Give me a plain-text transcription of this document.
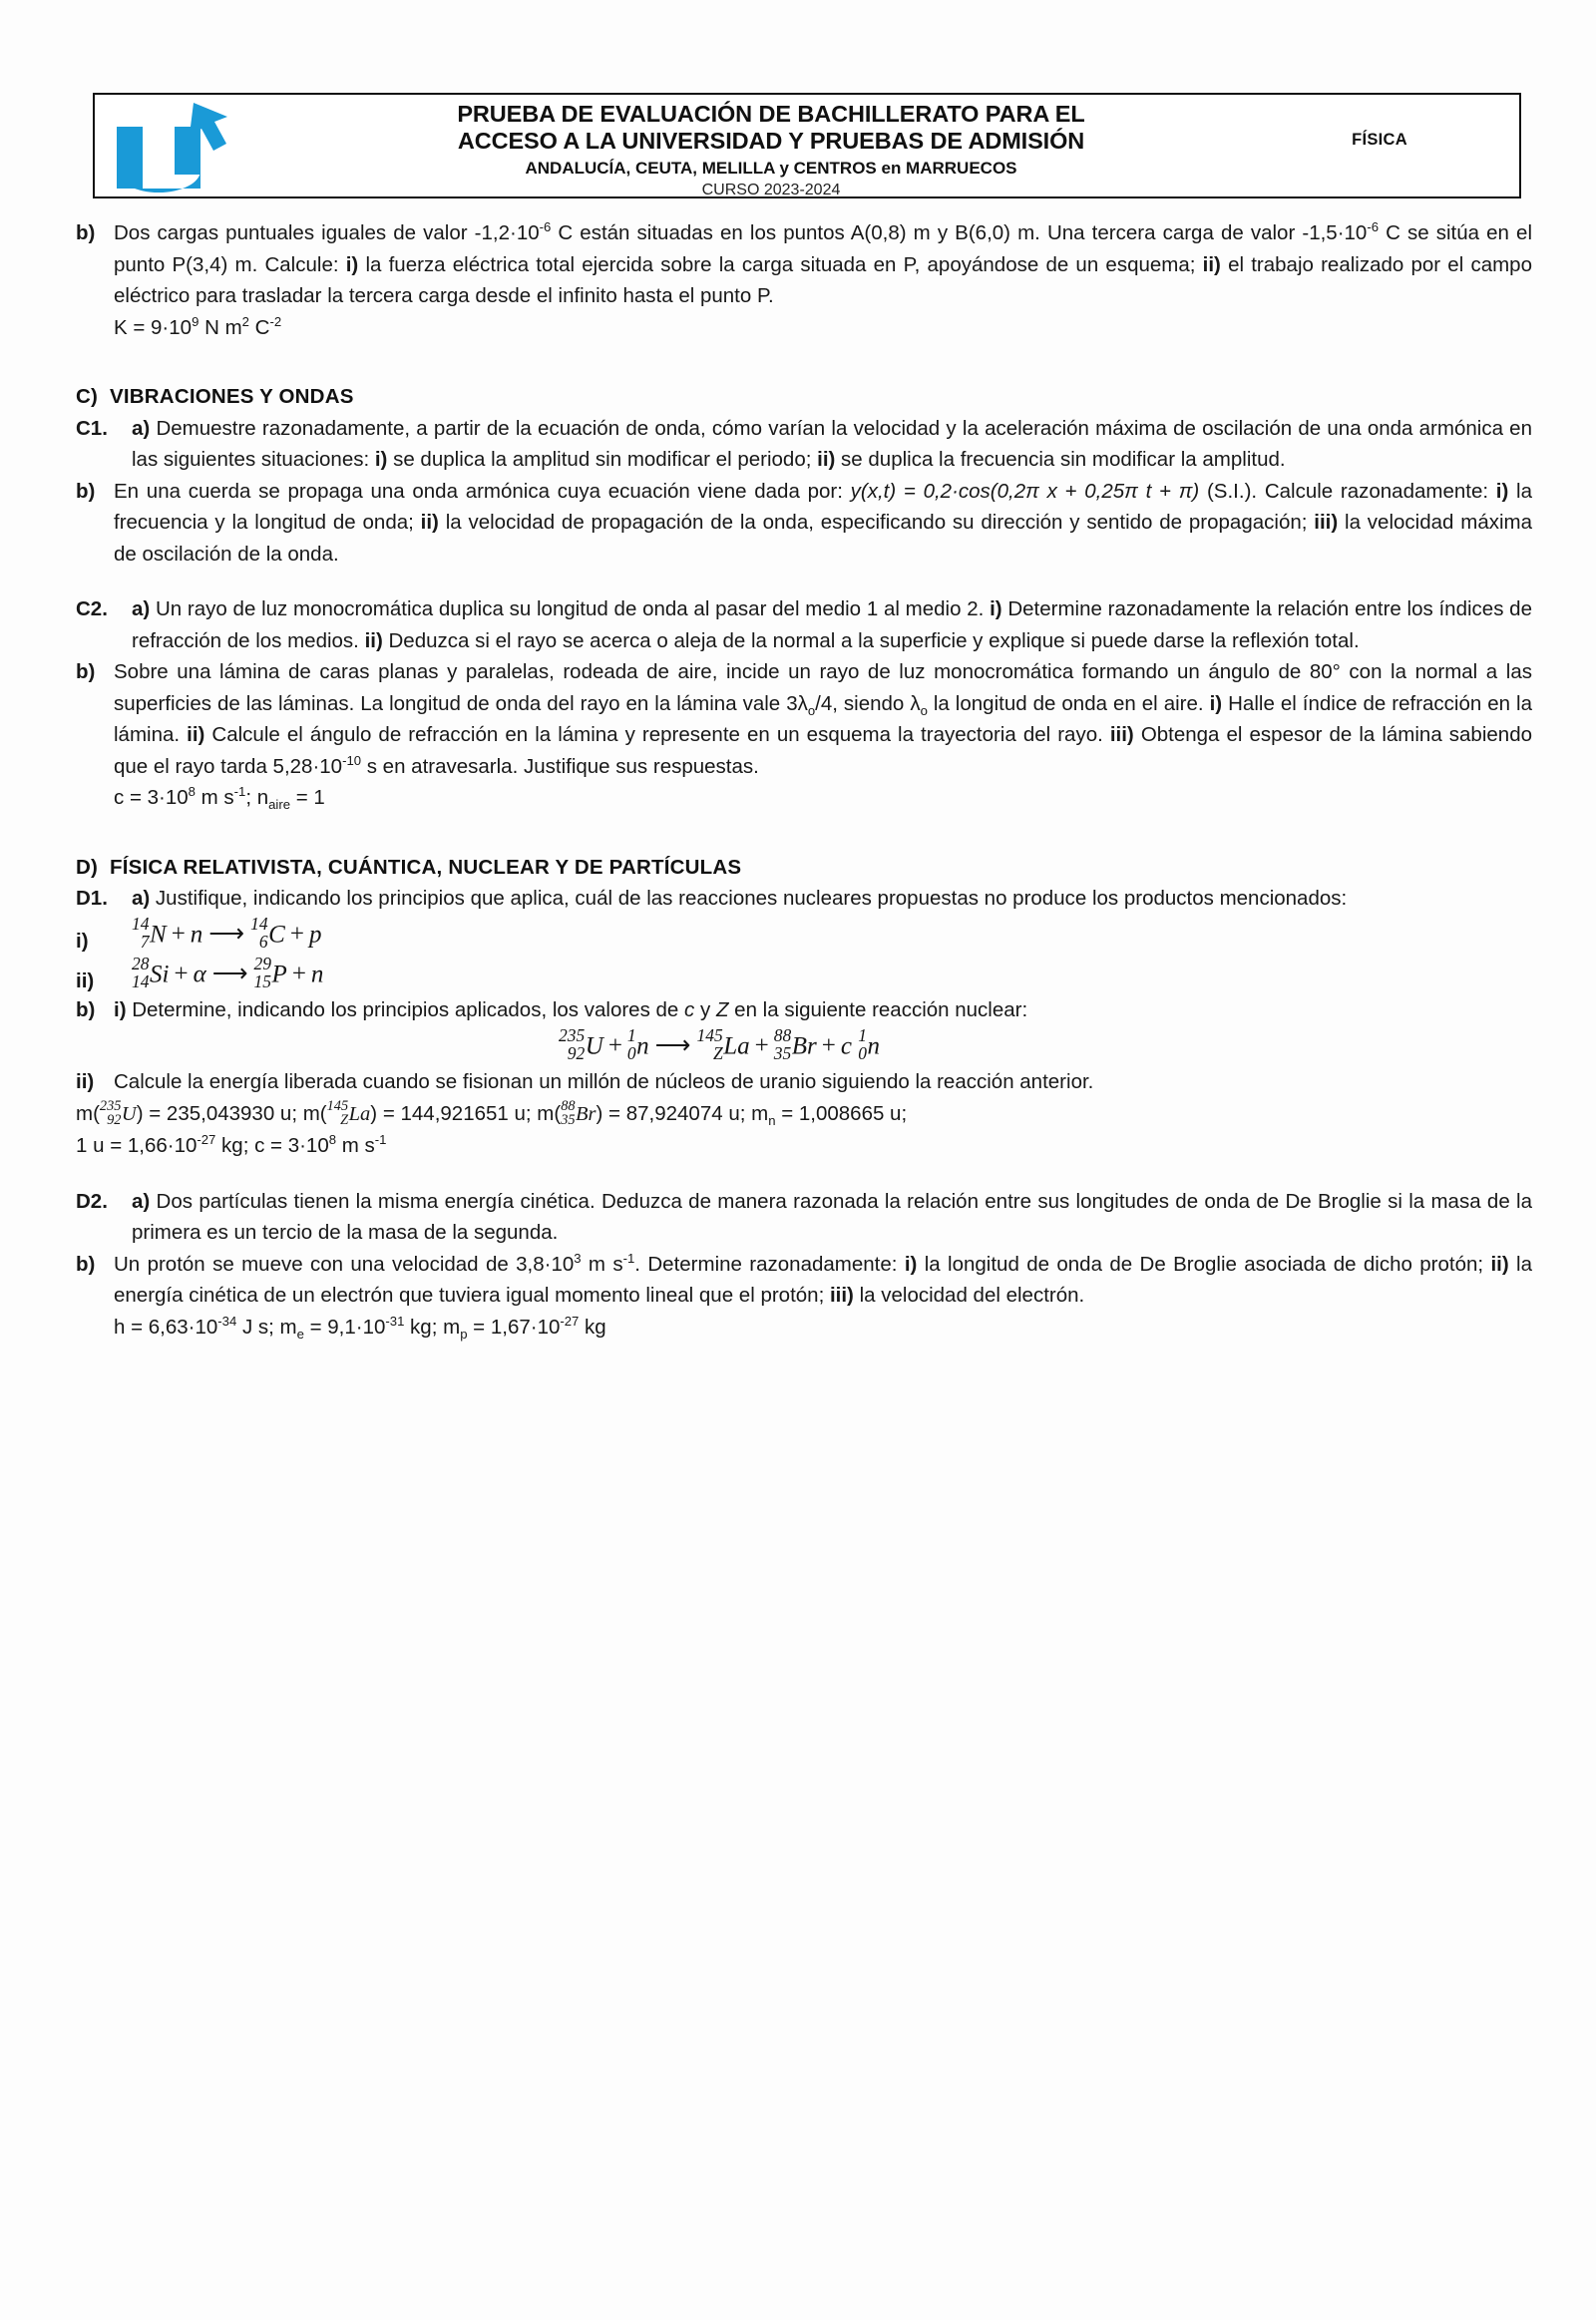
PRUEBA DE EVALUACIÓN DE BACHILLERATO PARA EL
ACCESO A LA UNIVERSIDAD Y PRUEBAS DE ADMISIÓN
ANDALUCÍA, CEUTA, MELILLA y CENTROS en MARRUECOS
CURSO 2023-2024
FÍSICA
b) Dos cargas puntuales iguales de valor $-1,2\cdot 10^{-6}$ C están situadas en los puntos A(0,8) m y B(6,0) m. Una tercera carga de valor $-1,5\cdot 10^{-6}$ C se sitúa en el punto P(3,4) m. Calcule: i) la fuerza eléctrica total ejercida sobre la carga situada en P, apoyándose de un esquema; ii) el trabajo realizado por el campo eléctrico para trasladar la tercera carga desde el infinito hasta el punto P.
$K = 9\cdot 10^9$ N $m^2$ $C^{-2}$
C) VIBRACIONES Y ONDAS
C1. a) Demuestre razonadamente, a partir de la ecuación de onda, cómo varían la velocidad y la aceleración máxima de oscilación de una onda armónica en las siguientes situaciones: i) se duplica la amplitud sin modificar el periodo; ii) se duplica la frecuencia sin modificar la amplitud.
b) En una cuerda se propaga una onda armónica cuya ecuación viene dada por: y(x,t) = 0,2·cos(0,2π x + 0,25π t + π) (S.I.). Calcule razonadamente: i) la frecuencia y la longitud de onda; ii) la velocidad de propagación de la onda, especificando su dirección y sentido de propagación; iii) la velocidad máxima de oscilación de la onda.
C2. a) Un rayo de luz monocromática duplica su longitud de onda al pasar del medio 1 al medio 2. i) Determine razonadamente la relación entre los índices de refracción de los medios. ii) Deduzca si el rayo se acerca o aleja de la normal a la superficie y explique si puede darse la reflexión total.
b) Sobre una lámina de caras planas y paralelas, rodeada de aire, incide un rayo de luz monocromática formando un ángulo de 80° con la normal a las superficies de las láminas. La longitud de onda del rayo en la lámina vale $3\lambda_o/4$, siendo $\lambda_o$ la longitud de onda en el aire. i) Halle el índice de refracción en la lámina. ii) Calcule el ángulo de refracción en la lámina y represente en un esquema la trayectoria del rayo. iii) Obtenga el espesor de la lámina sabiendo que el rayo tarda $5,28\cdot 10^{-10}$ s en atravesarla. Justifique sus respuestas.
$c = 3\cdot 10^8$ m $s^{-1}$; $n_{aire} = 1$
D) FÍSICA RELATIVISTA, CUÁNTICA, NUCLEAR Y DE PARTÍCULAS
D1. a) Justifique, indicando los principios que aplica, cuál de las reacciones nucleares propuestas no produce los productos mencionados:
i)
14
7 N + n ⟶ 14
6 C + p
ii)
28
14 Si + α ⟶ 29
15 P + n
b) i) Determine, indicando los principios aplicados, los valores de c y Z en la siguiente reacción nuclear:
235
92 U + 1
0 n ⟶ 145
Z La + 88
35 Br + c 1
0 n
ii) Calcule la energía liberada cuando se fisionan un millón de núcleos de uranio siguiendo la reacción anterior.
m( 235
92 U) = 235,043930 u; m( 145
Z La) = 144,921651 u; m( 88
35 Br) = 87,924074 u; $m_n = 1,008665$ u;
1 $u = 1,66\cdot 10^{-27}$ kg; $c = 3\cdot 10^8$ m $s^{-1}$
D2. a) Dos partículas tienen la misma energía cinética. Deduzca de manera razonada la relación entre sus longitudes de onda de De Broglie si la masa de la primera es un tercio de la masa de la segunda.
b) Un protón se mueve con una velocidad de $3,8\cdot 10^3$ m $s^{-1}$. Determine razonadamente: i) la longitud de onda de De Broglie asociada de dicho protón; ii) la energía cinética de un electrón que tuviera igual momento lineal que el protón; iii) la velocidad del electrón.
$h = 6,63\cdot 10^{-34}$ J s; $m_e = 9,1\cdot 10^{-31}$ kg; $m_p = 1,67\cdot 10^{-27}$ kg
